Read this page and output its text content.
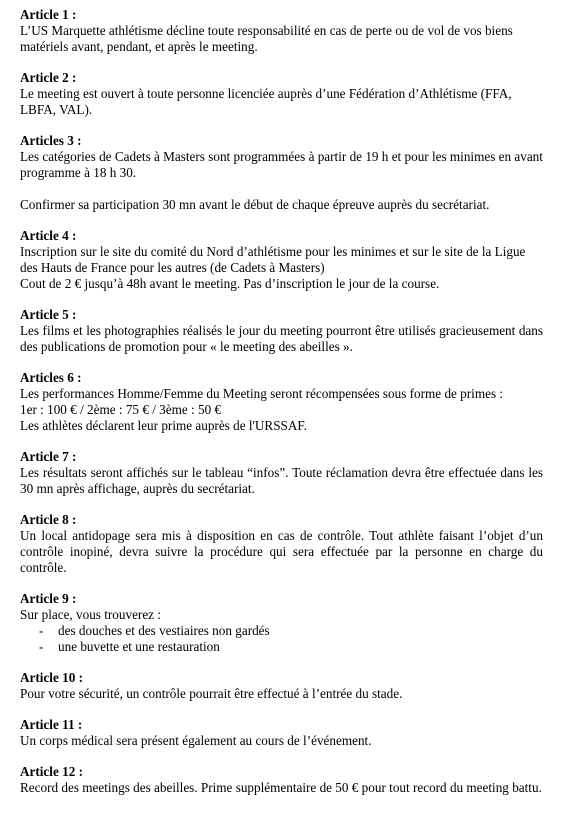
Article 1 :

L’US Marquette athlétisme décline toute responsabilité en cas de perte ou de vol de vos biens matériels avant, pendant, et après le meeting.

Article 2 :

Le meeting est ouvert à toute personne licenciée auprès d’une Fédération d’Athlétisme (FFA, LBFA, VAL).

Articles 3 :

Les catégories de Cadets à Masters sont programmées à partir de 19 h et pour les minimes en avant programme à 18 h 30.

Confirmer sa participation 30 mn avant le début de chaque épreuve auprès du secrétariat.

Article 4 :

Inscription sur le site du comité du Nord d’athlétisme pour les minimes et sur le site de la Ligue des Hauts de France pour les autres (de Cadets à Masters)

Cout de 2 € jusqu’à 48h avant le meeting. Pas d’inscription le jour de la course.

Article 5 :

Les films et les photographies réalisés le jour du meeting pourront être utilisés gracieusement dans des publications de promotion pour « le meeting des abeilles ».

Articles 6 :

Les performances Homme/Femme du Meeting seront récompensées sous forme de primes :

1er : 100 € / 2ème : 75 € / 3ème : 50 €

Les athlètes déclarent leur prime auprès de l'URSSAF.

Article 7 :

Les résultats seront affichés sur le tableau “infos”. Toute réclamation devra être effectuée dans les 30 mn après affichage, auprès du secrétariat.

Article 8 :

Un local antidopage sera mis à disposition en cas de contrôle. Tout athlète faisant l’objet d’un contrôle inopiné, devra suivre la procédure qui sera effectuée par la personne en charge du contrôle.

Article 9 :

Sur place, vous trouverez :

- des douches et des vestiaires non gardés
- une buvette et une restauration

Article 10 :

Pour votre sécurité, un contrôle pourrait être effectué à l’entrée du stade.

Article 11 :

Un corps médical sera présent également au cours de l’événement.

Article 12 :

Record des meetings des abeilles. Prime supplémentaire de 50 € pour tout record du meeting battu.
